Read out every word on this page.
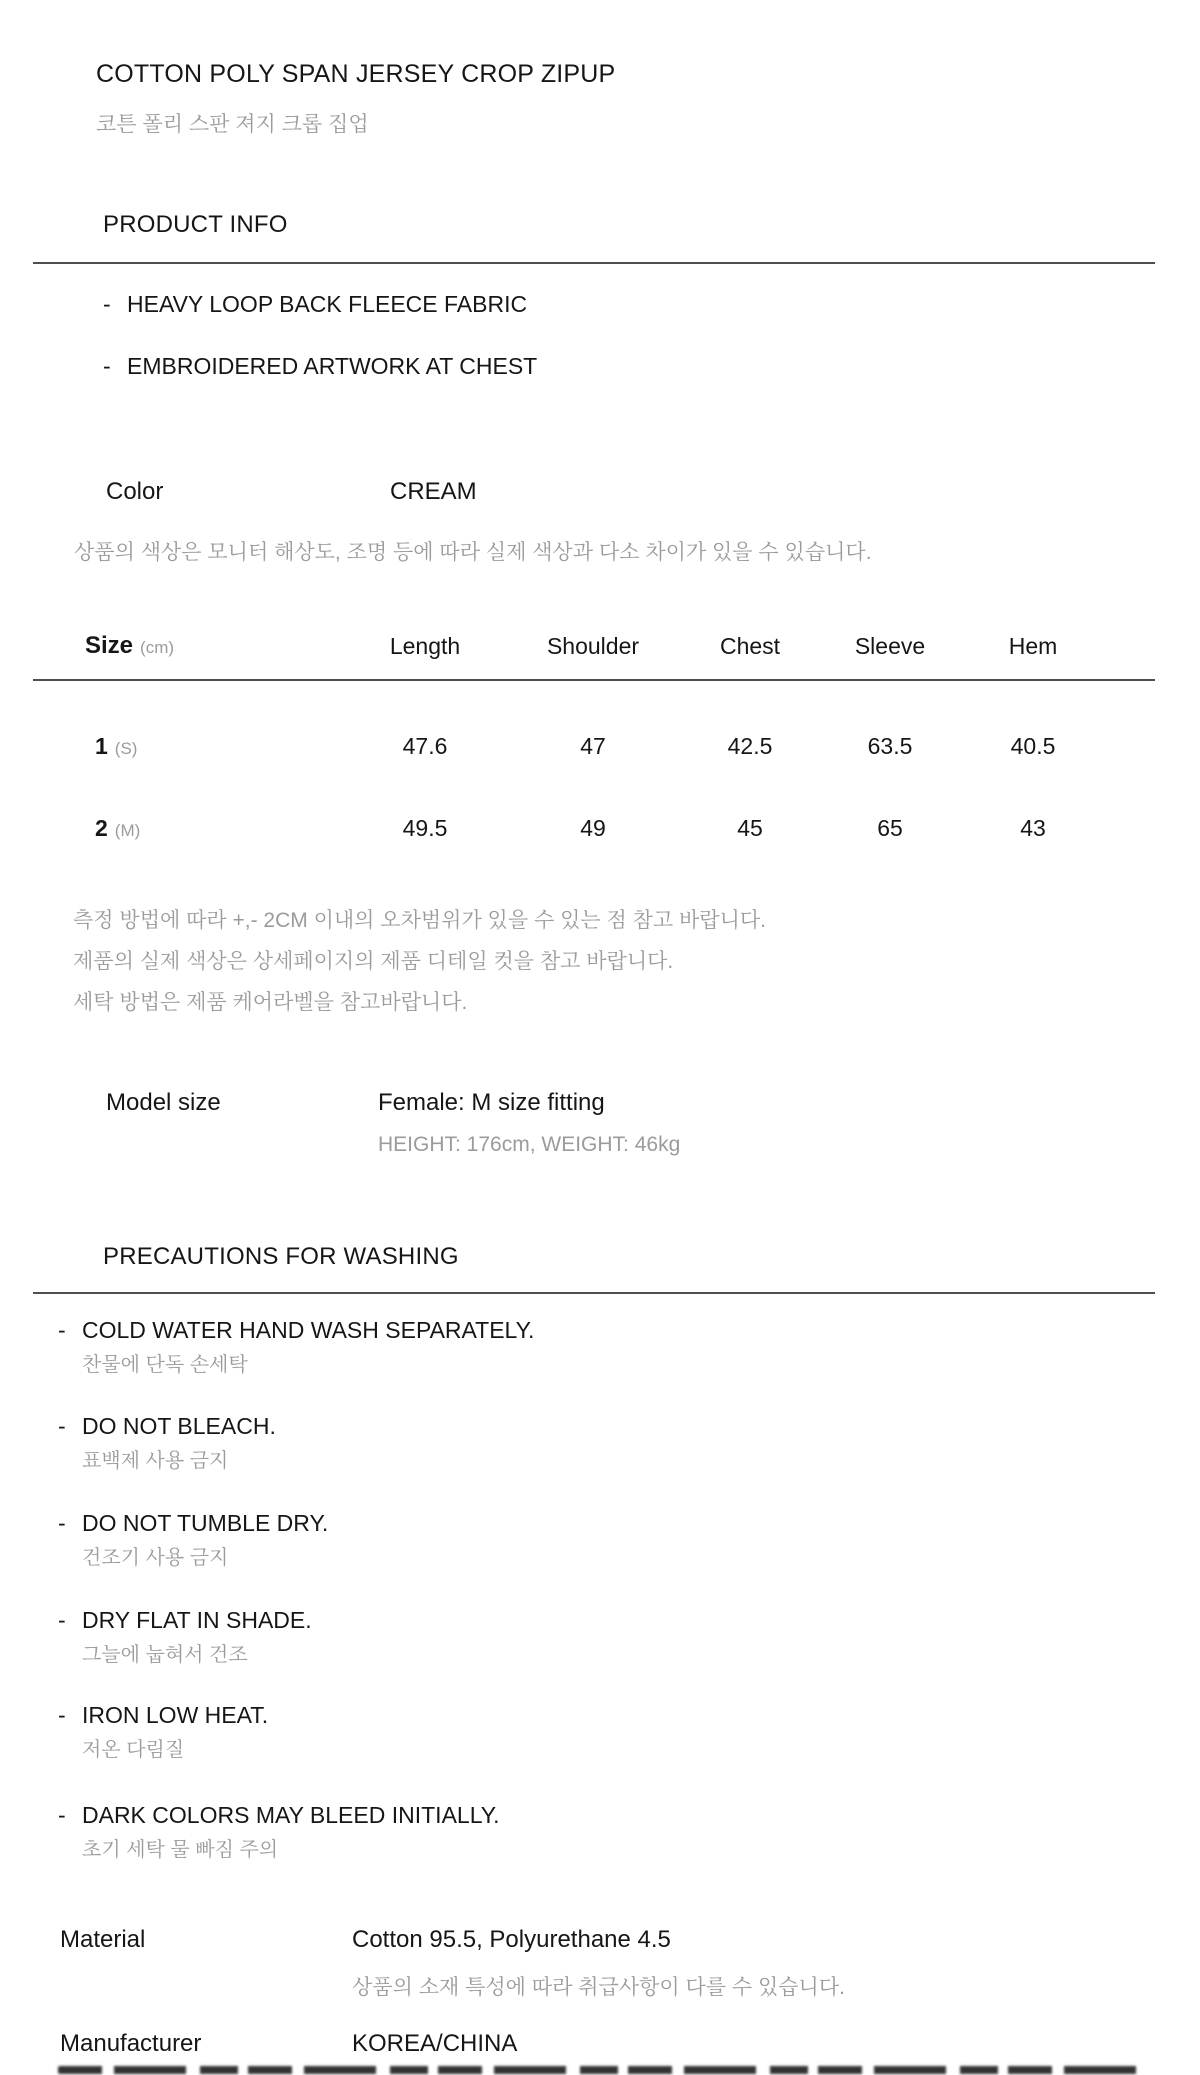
COTTON POLY SPAN JERSEY CROP ZIPUP
코튼 폴리 스판 져지 크롭 집업
PRODUCT INFO
- HEAVY LOOP BACK FLEECE FABRIC
- EMBROIDERED ARTWORK AT CHEST
Color	CREAM
상품의 색상은 모니터 해상도, 조명 등에 따라 실제 색상과 다소 차이가 있을 수 있습니다.
Size (cm)	Length	Shoulder	Chest	Sleeve	Hem
1 (S)	47.6	47	42.5	63.5	40.5
2 (M)	49.5	49	45	65	43
측정 방법에 따라 +,- 2CM 이내의 오차범위가 있을 수 있는 점 참고 바랍니다.
제품의 실제 색상은 상세페이지의 제품 디테일 컷을 참고 바랍니다.
세탁 방법은 제품 케어라벨을 참고바랍니다.
Model size	Female: M size fitting
HEIGHT: 176cm, WEIGHT: 46kg
PRECAUTIONS FOR WASHING
- COLD WATER HAND WASH SEPARATELY.
찬물에 단독 손세탁
- DO NOT BLEACH.
표백제 사용 금지
- DO NOT TUMBLE DRY.
건조기 사용 금지
- DRY FLAT IN SHADE.
그늘에 눕혀서 건조
- IRON LOW HEAT.
저온 다림질
- DARK COLORS MAY BLEED INITIALLY.
초기 세탁 물 빠짐 주의
Material	Cotton 95.5, Polyurethane 4.5
상품의 소재 특성에 따라 취급사항이 다를 수 있습니다.
Manufacturer	KOREA/CHINA
